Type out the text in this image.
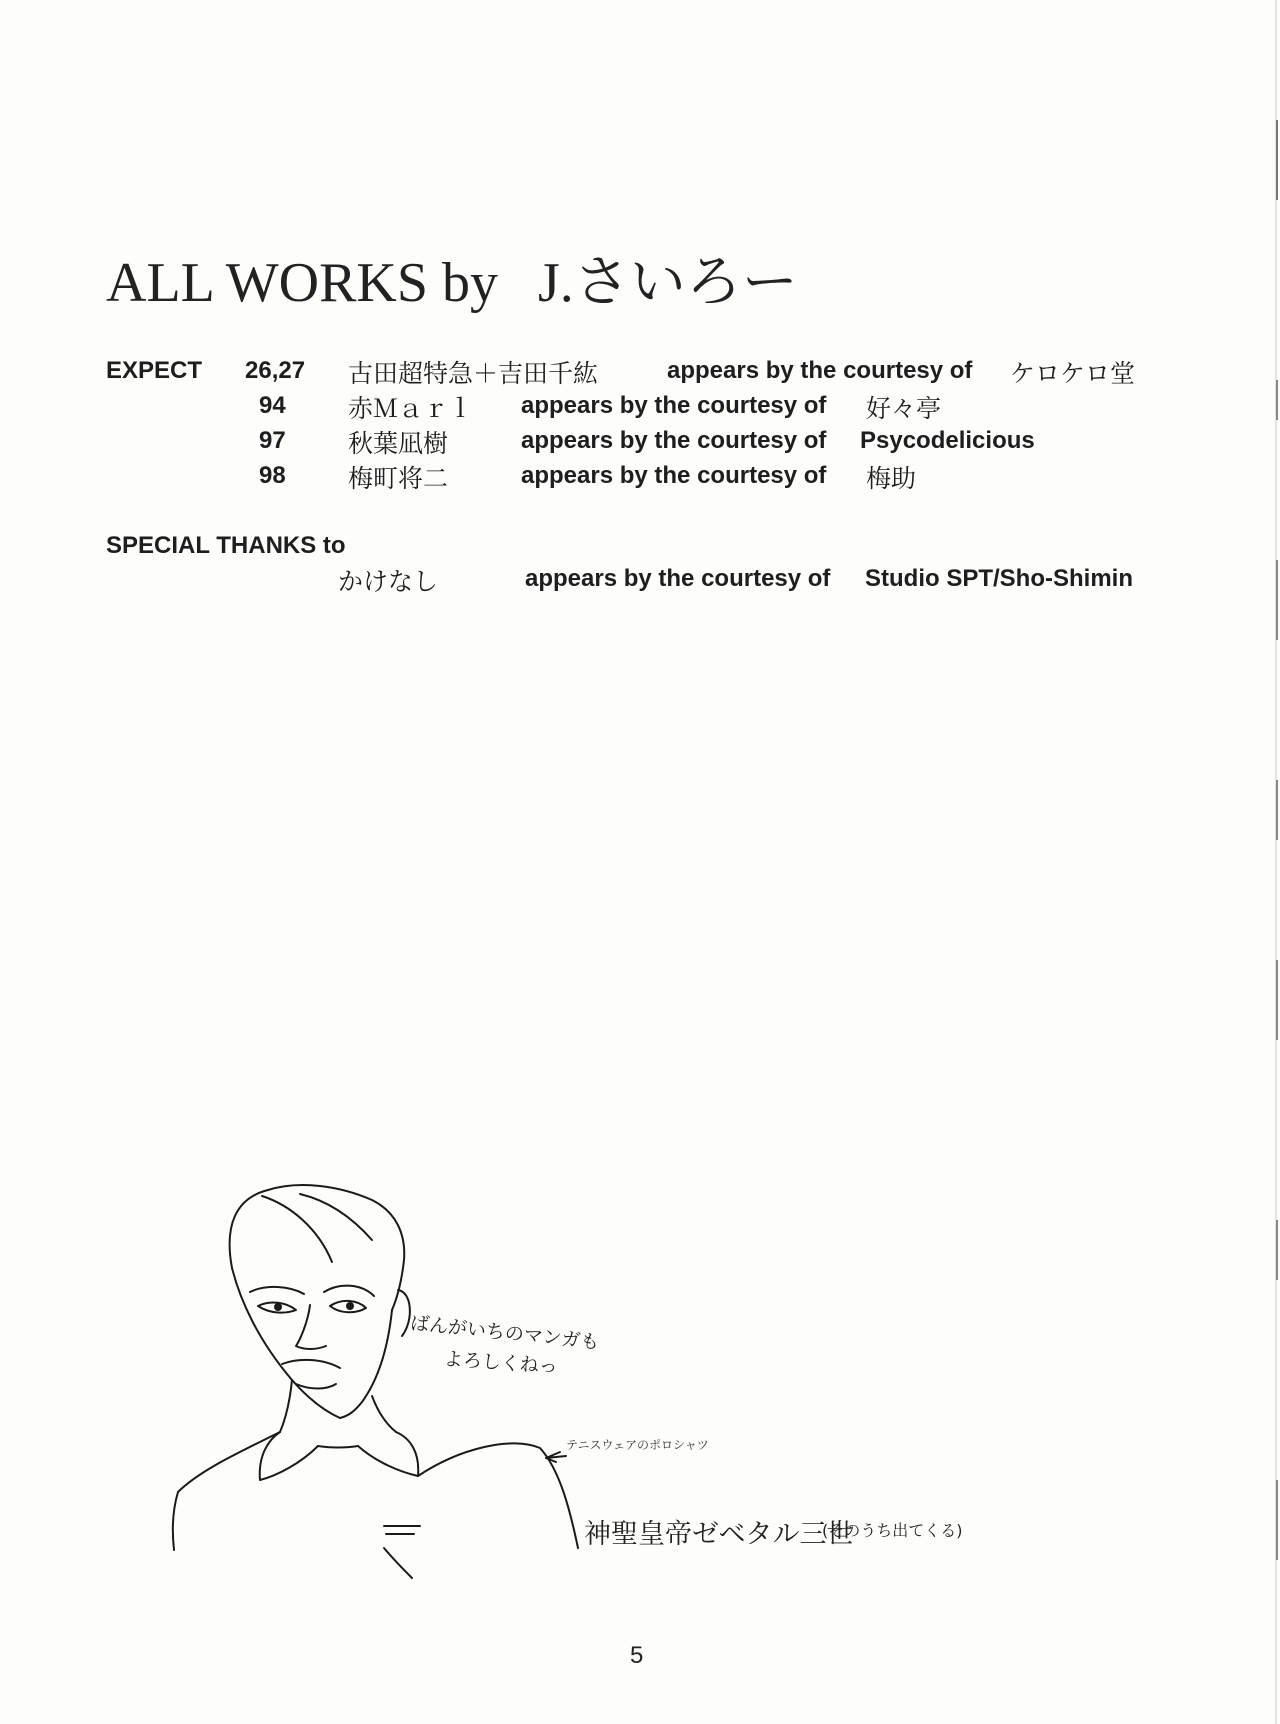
ALL WORKS by J.さいろー
EXPECT 26,27 古田超特急＋吉田千紘	appears by the courtesy of ケロケロ堂
94 赤Ｍａｒｌ appears by the courtesy of 好々亭
97 秋葉凪樹	appears by the courtesy of Psycodelicious
98 梅町将二	appears by the courtesy of 梅助
SPECIAL THANKS to
かけなし	appears by the courtesy of Studio SPT/Sho-Shimin
ばんがいちのマンガも
よろしくねっ
テニスウェアのポロシャツ
神聖皇帝ゼベタル三世
(そのうち出てくる)
5
